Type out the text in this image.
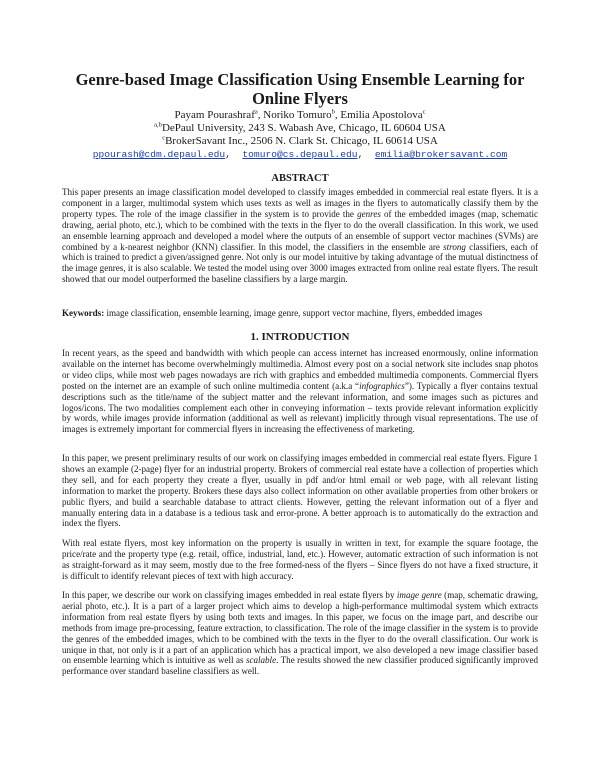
Genre-based Image Classification Using Ensemble Learning for Online Flyers
Payam Pourashraf$^a$, Noriko Tomuro$^b$, Emilia Apostolova$^c$
$^{a,b}$DePaul University, 243 S. Wabash Ave, Chicago, IL 60604 USA
$^c$BrokerSavant Inc., 2506 N. Clark St. Chicago, IL 60614 USA
ppourash@cdm.depaul.edu, tomuro@cs.depaul.edu, emilia@brokersavant.com
ABSTRACT
This paper presents an image classification model developed to classify images embedded in commercial real estate flyers. It is a component in a larger, multimodal system which uses texts as well as images in the flyers to automatically classify them by the property types. The role of the image classifier in the system is to provide the genres of the embedded images (map, schematic drawing, aerial photo, etc.), which to be combined with the texts in the flyer to do the overall classification. In this work, we used an ensemble learning approach and developed a model where the outputs of an ensemble of support vector machines (SVMs) are combined by a k-nearest neighbor (KNN) classifier. In this model, the classifiers in the ensemble are strong classifiers, each of which is trained to predict a given/assigned genre. Not only is our model intuitive by taking advantage of the mutual distinctness of the image genres, it is also scalable. We tested the model using over 3000 images extracted from online real estate flyers. The result showed that our model outperformed the baseline classifiers by a large margin.
Keywords: image classification, ensemble learning, image genre, support vector machine, flyers, embedded images
1. INTRODUCTION
In recent years, as the speed and bandwidth with which people can access internet has increased enormously, online information available on the internet has become overwhelmingly multimedia. Almost every post on a social network site includes snap photos or video clips, while most web pages nowadays are rich with graphics and embedded multimedia components. Commercial flyers posted on the internet are an example of such online multimedia content (a.k.a “infographics”). Typically a flyer contains textual descriptions such as the title/name of the subject matter and the relevant information, and some images such as pictures and logos/icons. The two modalities complement each other in conveying information – texts provide relevant information explicitly by words, while images provide information (additional as well as relevant) implicitly through visual representations. The use of images is extremely important for commercial flyers in increasing the effectiveness of marketing.
In this paper, we present preliminary results of our work on classifying images embedded in commercial real estate flyers. Figure 1 shows an example (2-page) flyer for an industrial property. Brokers of commercial real estate have a collection of properties which they sell, and for each property they create a flyer, usually in pdf and/or html email or web page, with all relevant listing information to market the property. Brokers these days also collect information on other available properties from other brokers or public flyers, and build a searchable database to attract clients. However, getting the relevant information out of a flyer and manually entering data in a database is a tedious task and error-prone. A better approach is to automatically do the extraction and index the flyers.
With real estate flyers, most key information on the property is usually in written in text, for example the square footage, the price/rate and the property type (e.g. retail, office, industrial, land, etc.). However, automatic extraction of such information is not as straight-forward as it may seem, mostly due to the free formed-ness of the flyers – Since flyers do not have a fixed structure, it is difficult to identify relevant pieces of text with high accuracy.
In this paper, we describe our work on classifying images embedded in real estate flyers by image genre (map, schematic drawing, aerial photo, etc.). It is a part of a larger project which aims to develop a high-performance multimodal system which extracts information from real estate flyers by using both texts and images. In this paper, we focus on the image part, and describe our methods from image pre-processing, feature extraction, to classification. The role of the image classifier in the system is to provide the genres of the embedded images, which to be combined with the texts in the flyer to do the overall classification. Our work is unique in that, not only is it a part of an application which has a practical import, we also developed a new image classifier based on ensemble learning which is intuitive as well as scalable. The results showed the new classifier produced significantly improved performance over standard baseline classifiers as well.
